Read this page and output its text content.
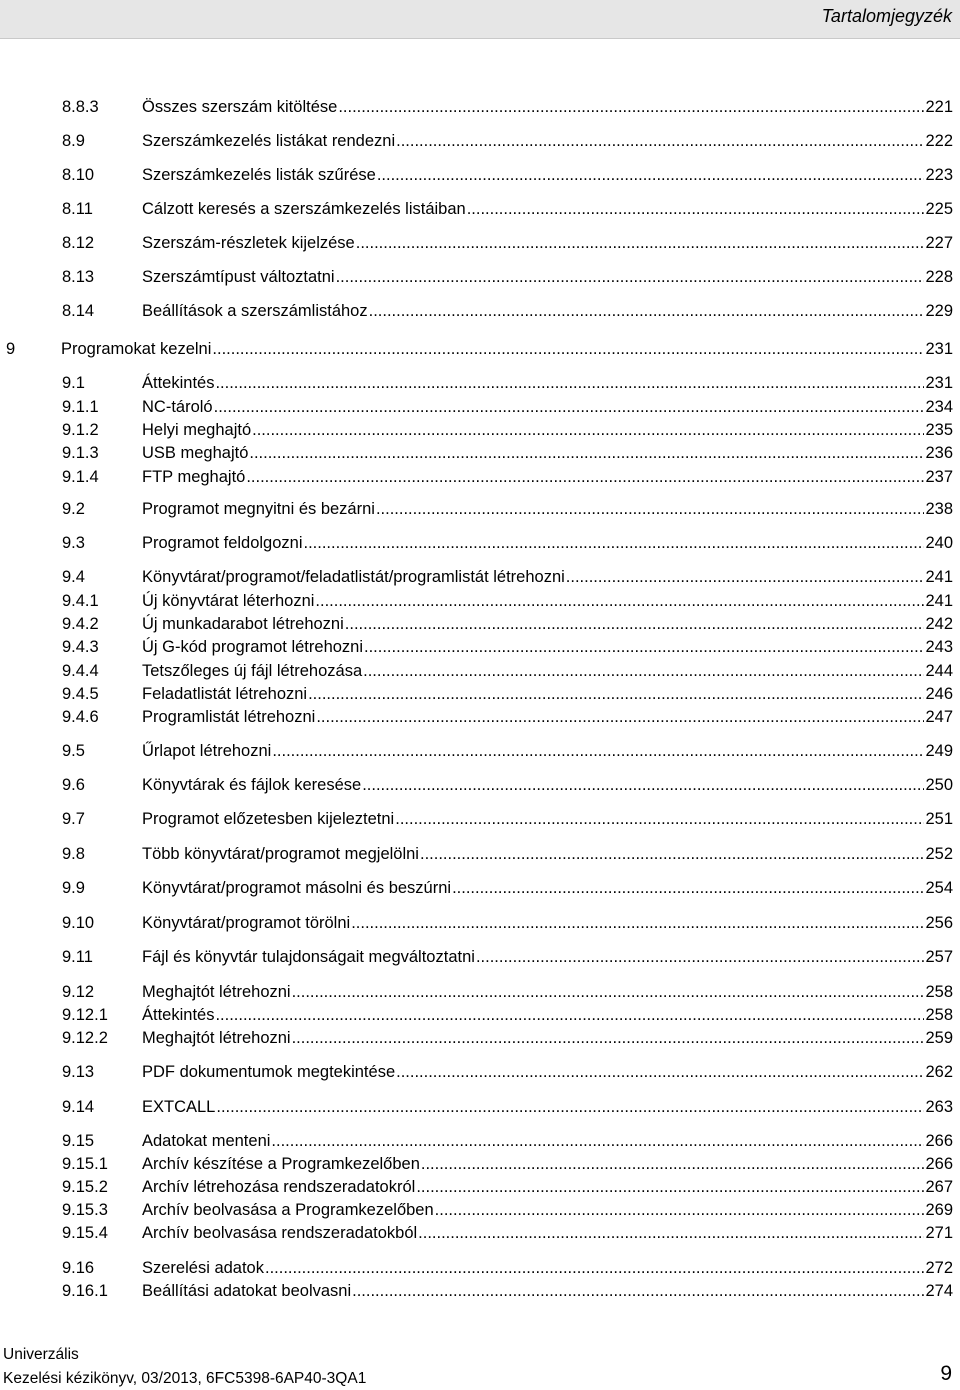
Tartalomjegyzék
8.8.3	Összes szerszám kitöltése .....	221
8.9	Szerszámkezelés listákat rendezni .....	222
8.10	Szerszámkezelés listák szűrése .....	223
8.11	Cálzott keresés a szerszámkezelés listáiban .....	225
8.12	Szerszám-részletek kijelzése .....	227
8.13	Szerszámtípust változtatni .....	228
8.14	Beállítások a szerszámlistához .....	229
9	Programokat kezelni .....	231
9.1	Áttekintés .....	231
9.1.1	NC-tároló .....	234
9.1.2	Helyi meghajtó .....	235
9.1.3	USB meghajtó .....	236
9.1.4	FTP meghajtó .....	237
9.2	Programot megnyitni és bezárni .....	238
9.3	Programot feldolgozni .....	240
9.4	Könyvtárat/programot/feladatlistát/programlistát létrehozni .....	241
9.4.1	Új könyvtárat léterhozni .....	241
9.4.2	Új munkadarabot létrehozni .....	242
9.4.3	Új G-kód programot létrehozni .....	243
9.4.4	Tetszőleges új fájl létrehozása .....	244
9.4.5	Feladatlistát létrehozni .....	246
9.4.6	Programlistát létrehozni .....	247
9.5	Űrlapot létrehozni .....	249
9.6	Könyvtárak és fájlok keresése .....	250
9.7	Programot előzetesben kijeleztetni .....	251
9.8	Több könyvtárat/programot megjelölni .....	252
9.9	Könyvtárat/programot másolni és beszúrni .....	254
9.10	Könyvtárat/programot törölni .....	256
9.11	Fájl és könyvtár tulajdonságait megváltoztatni .....	257
9.12	Meghajtót létrehozni .....	258
9.12.1 Áttekintés .....	258
9.12.2 Meghajtót létrehozni .....	259
9.13	PDF dokumentumok megtekintése .....	262
9.14	EXTCALL .....	263
9.15	Adatokat menteni .....	266
9.15.1 Archív készítése a Programkezelőben .....	266
9.15.2 Archív létrehozása rendszeradatokról .....	267
9.15.3 Archív beolvasása a Programkezelőben .....	269
9.15.4 Archív beolvasása rendszeradatokból .....	271
9.16	Szerelési adatok .....	272
9.16.1 Beállítási adatokat beolvasni .....	274
Univerzális
Kezelési kézikönyv, 03/2013, 6FC5398-6AP40-3QA1	9
